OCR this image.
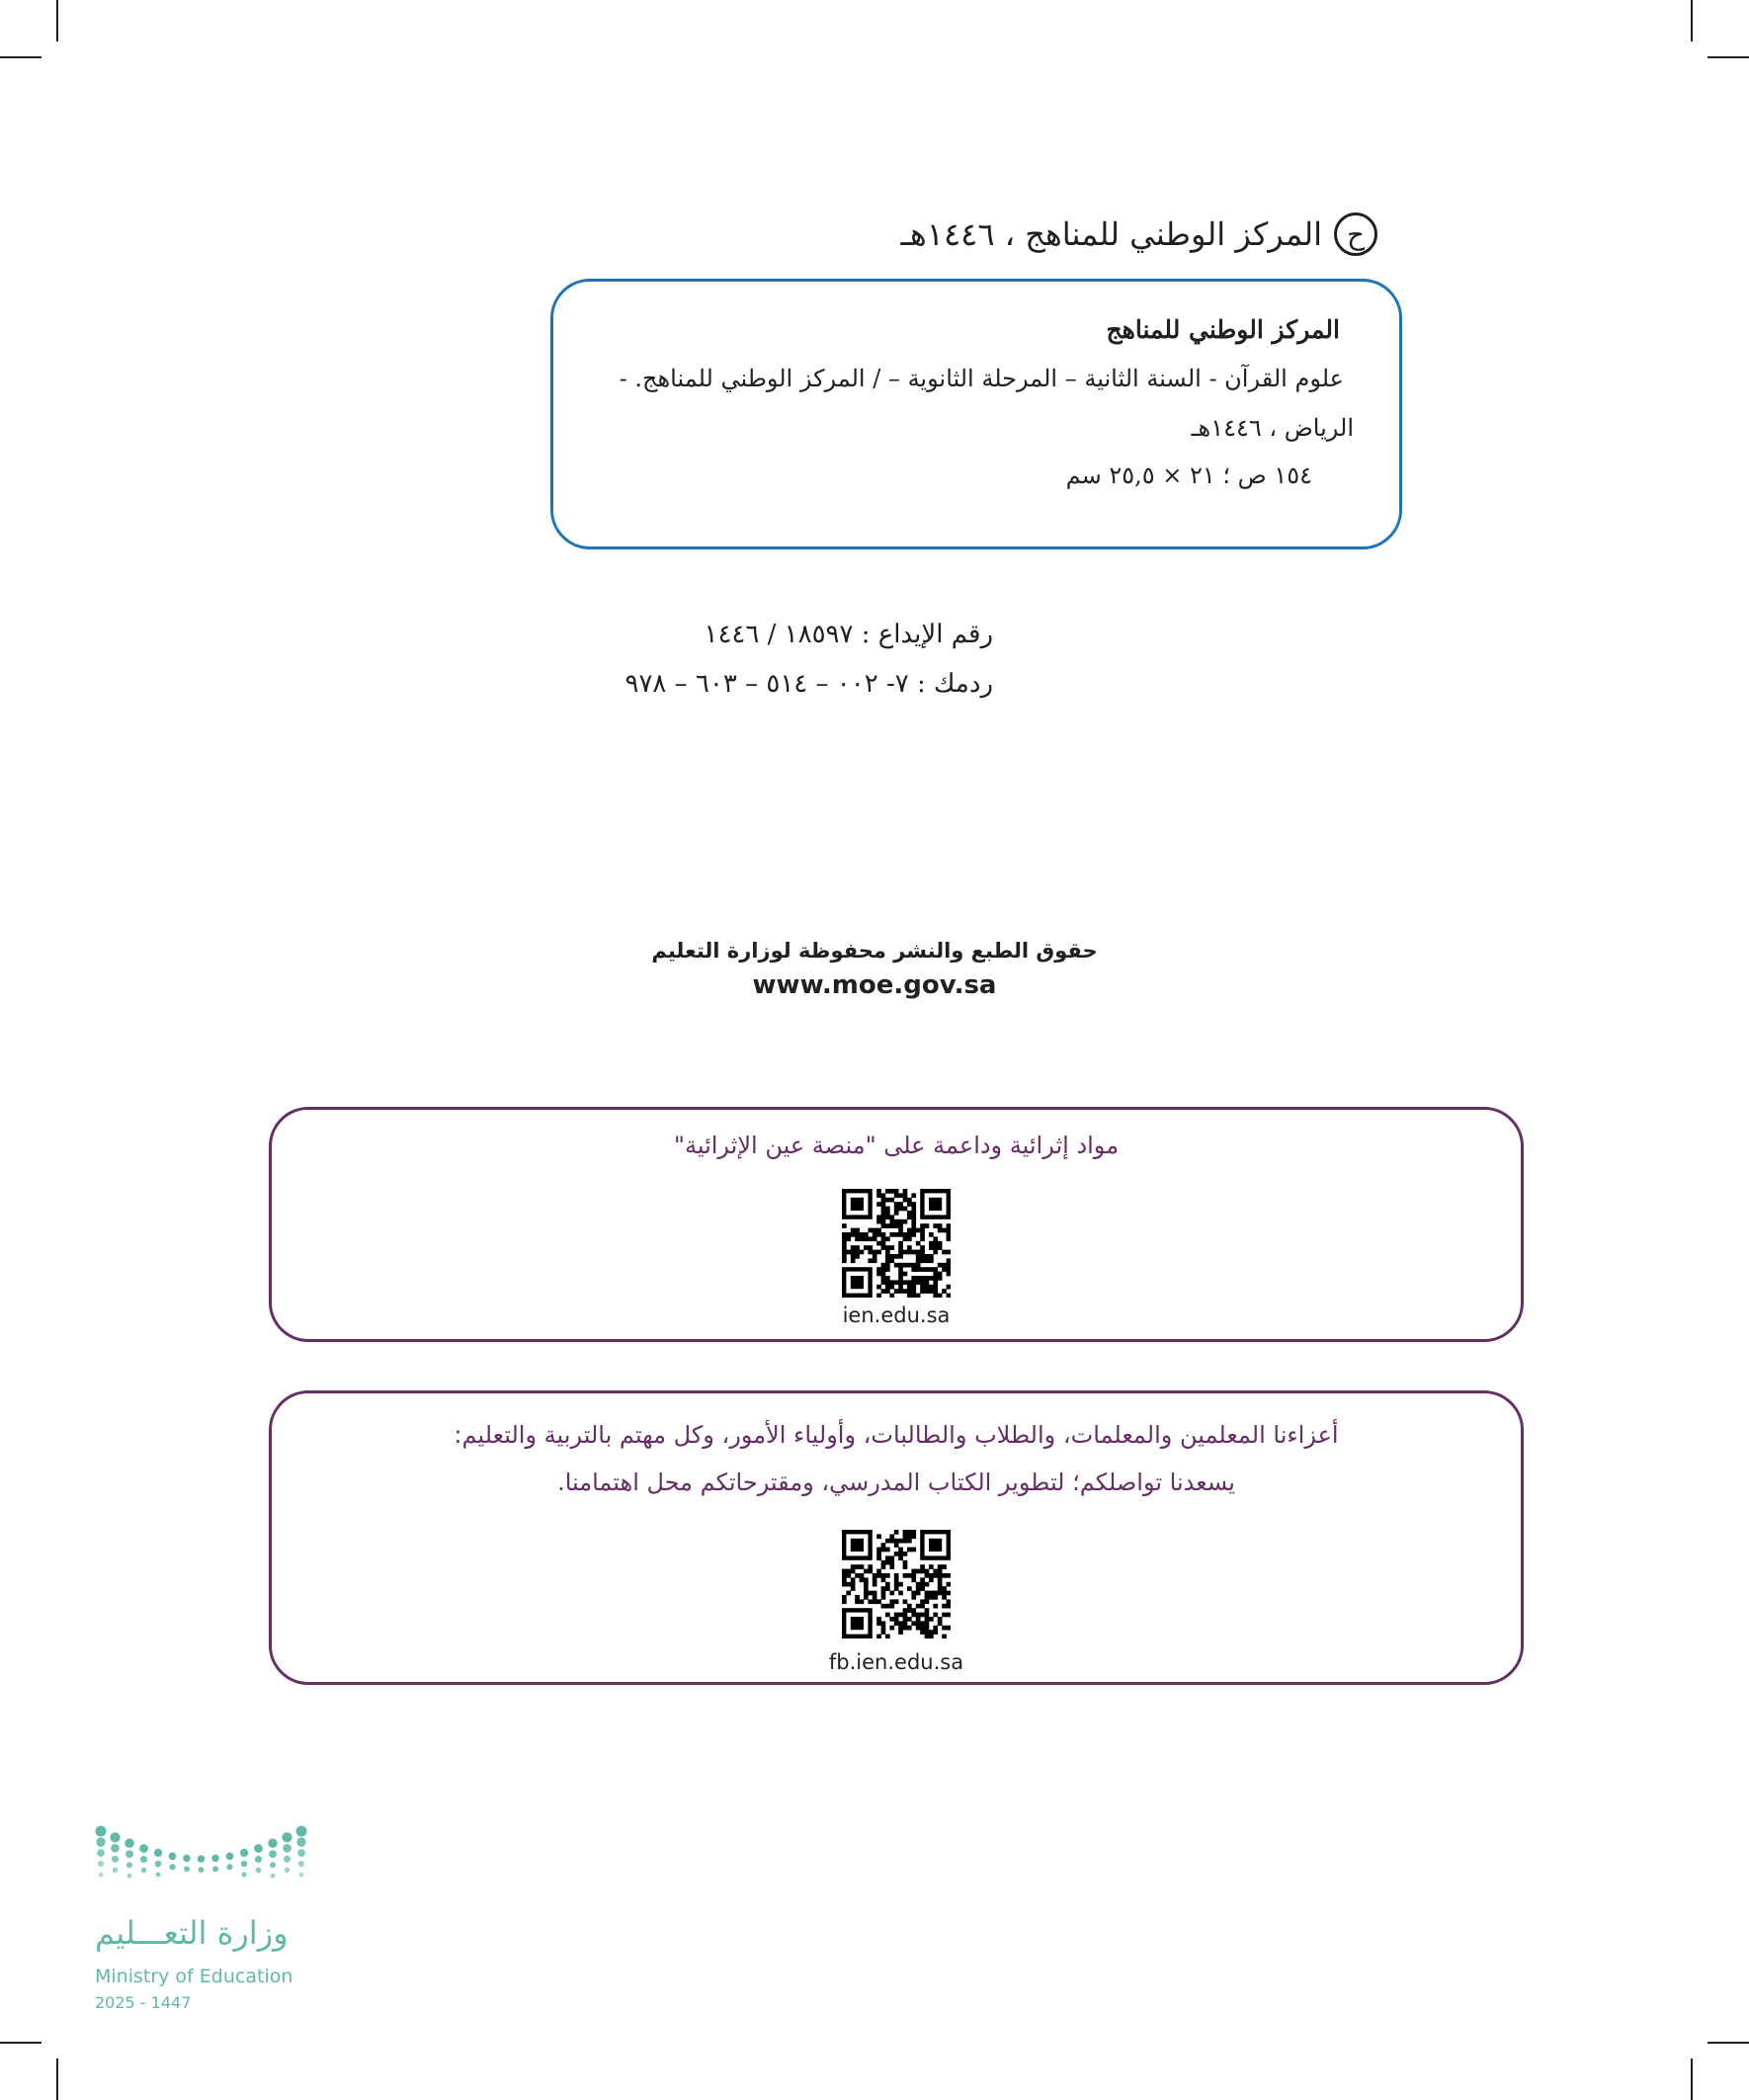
ح
المركز الوطني للمناهج ، ١٤٤٦هـ
المركز الوطني للمناهج
علوم القرآن - السنة الثانية – المرحلة الثانوية – / المركز الوطني للمناهج. -
الرياض ، ١٤٤٦هـ
١٥٤ ص ؛ ٢١ × ٢٥,٥ سم
رقم الإيداع : ١٨٥٩٧ / ١٤٤٦
ردمك : ٧- ٠٠٢ – ٥١٤ – ٦٠٣ – ٩٧٨
حقوق الطبع والنشر محفوظة لوزارة التعليم
www.moe.gov.sa
مواد إثرائية وداعمة على "منصة عين الإثرائية"
ien.edu.sa
أعزاءنا المعلمين والمعلمات، والطلاب والطالبات، وأولياء الأمور، وكل مهتم بالتربية والتعليم:
يسعدنا تواصلكم؛ لتطوير الكتاب المدرسي، ومقترحاتكم محل اهتمامنا.
fb.ien.edu.sa
وزارة التعـــليم
Ministry of Education
2025 - 1447
